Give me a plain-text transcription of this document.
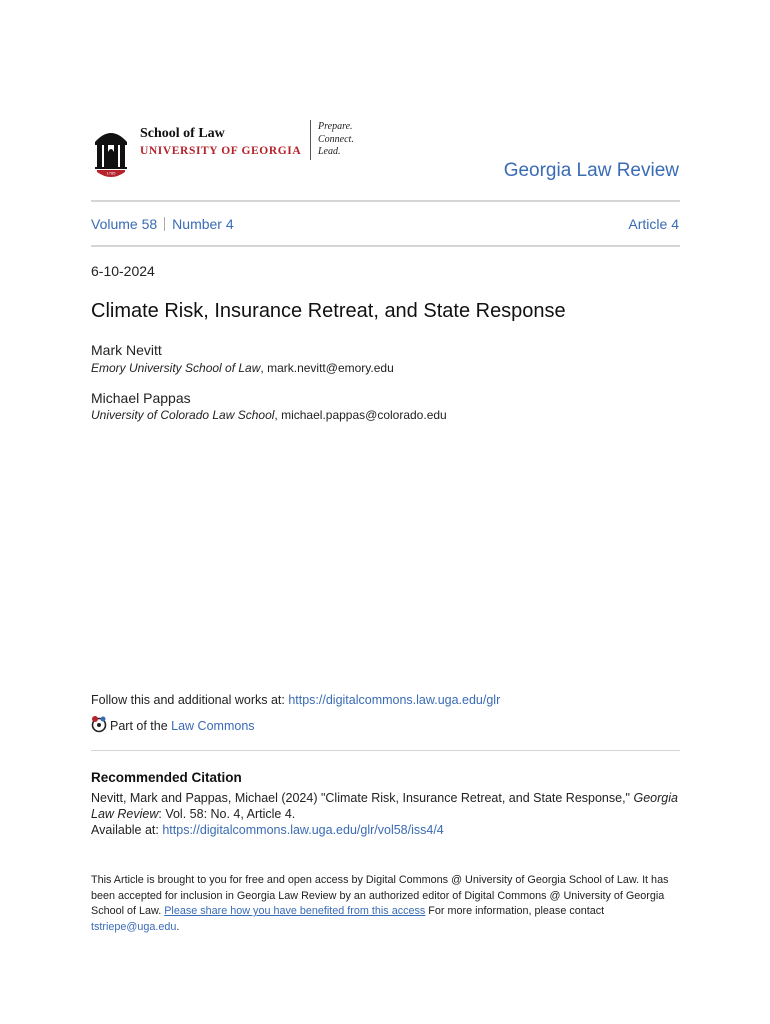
1785
School of Law
UNIVERSITY OF GEORGIA
Prepare.
Connect.
Lead.
Georgia Law Review
Volume 58 Number 4	Article 4
6-10-2024
Climate Risk, Insurance Retreat, and State Response
Mark Nevitt
Emory University School of Law, mark.nevitt@emory.edu
Michael Pappas
University of Colorado Law School, michael.pappas@colorado.edu
Follow this and additional works at: https://digitalcommons.law.uga.edu/glr
Part of the Law Commons
Recommended Citation
Nevitt, Mark and Pappas, Michael (2024) "Climate Risk, Insurance Retreat, and State Response," Georgia Law Review: Vol. 58: No. 4, Article 4.
Available at: https://digitalcommons.law.uga.edu/glr/vol58/iss4/4
This Article is brought to you for free and open access by Digital Commons @ University of Georgia School of Law. It has been accepted for inclusion in Georgia Law Review by an authorized editor of Digital Commons @ University of Georgia School of Law. Please share how you have benefited from this access For more information, please contact tstriepe@uga.edu.
